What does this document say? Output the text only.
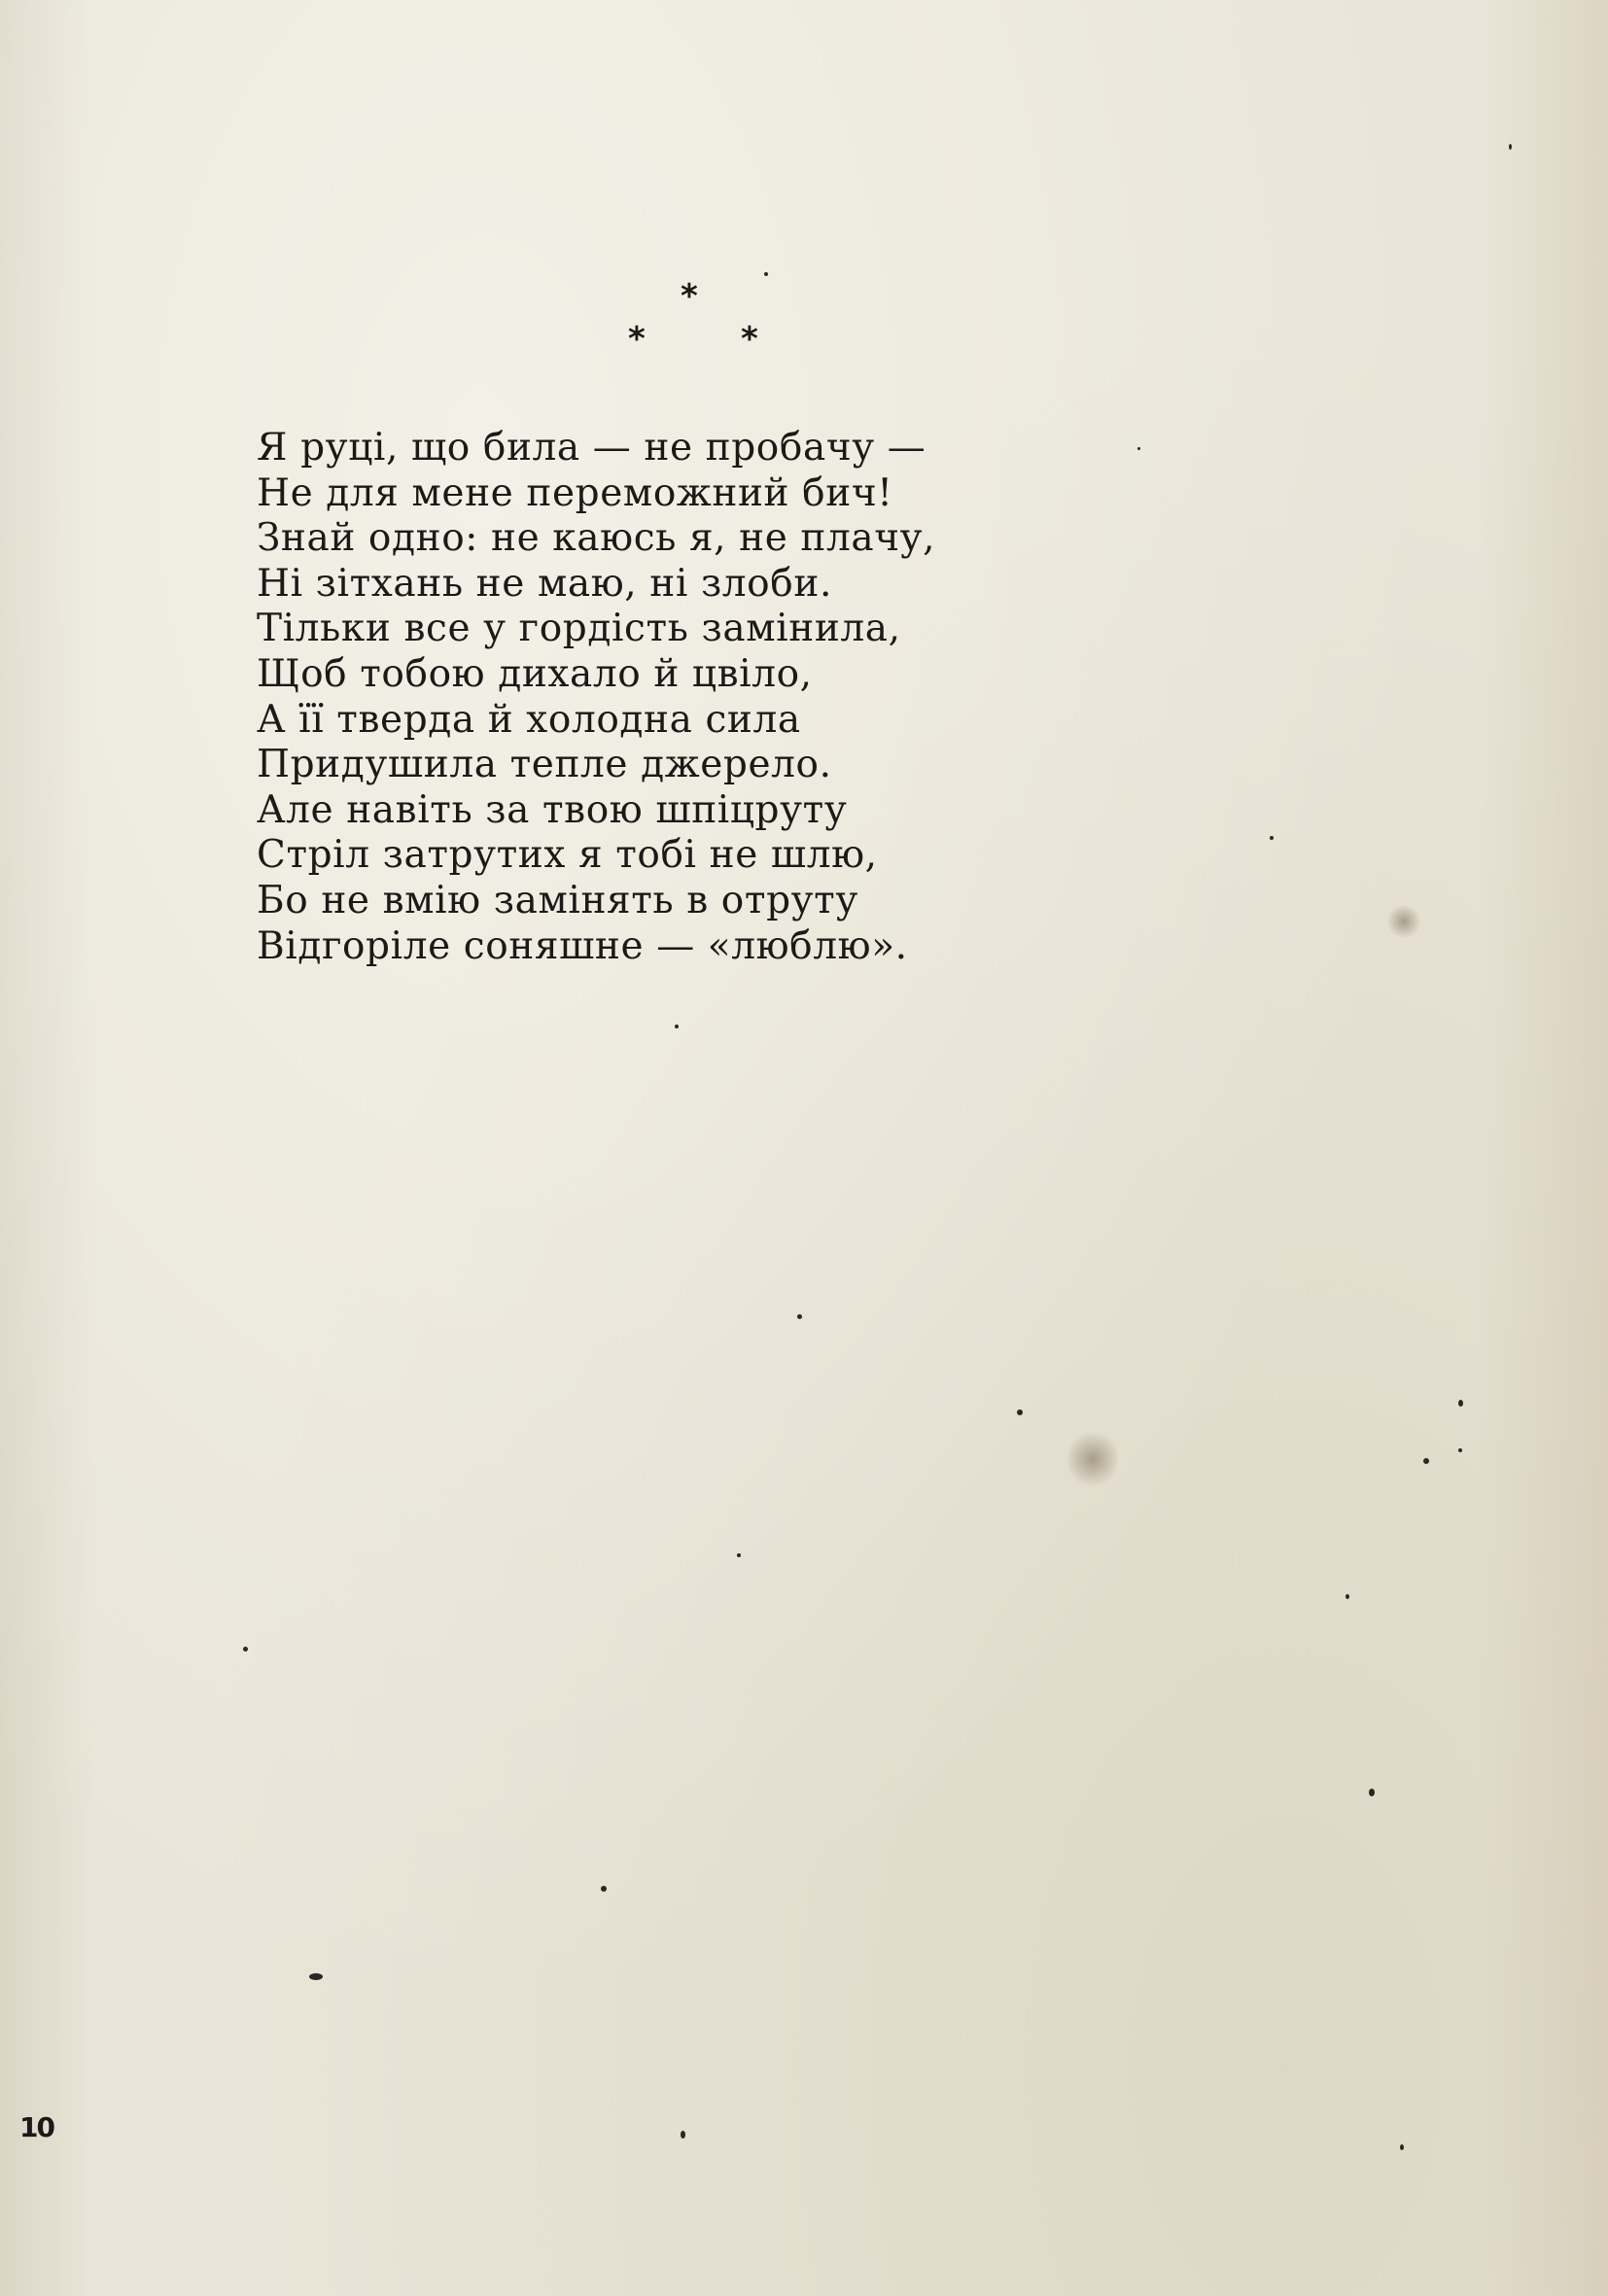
*
*	*
Я руці, що била — не пробачу —
Не для мене переможний бич!
Знай одно: не каюсь я, не плачу,
Ні зітхань не маю, ні злоби.
Тільки все у гордість замінила,
Щоб тобою дихало й цвіло,
А її тверда й холодна сила
Придушила тепле джерело.
Але навіть за твою шпіцруту
Стріл затрутих я тобі не шлю,
Бо не вмію замінять в отруту
Відгоріле соняшне — «люблю».
10
